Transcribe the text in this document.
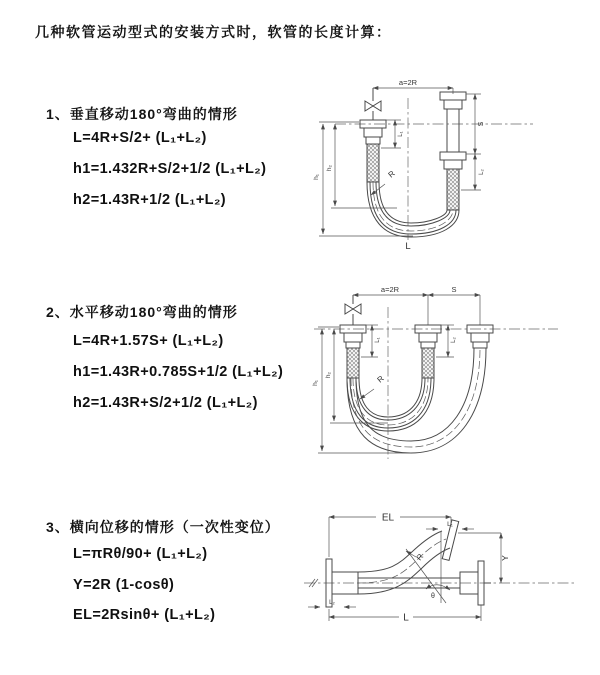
几种软管运动型式的安装方式时，软管的长度计算：
1、垂直移动180°弯曲的情形
L=4R+S/2+ (L₁+L₂)
h1=1.432R+S/2+1/2 (L₁+L₂)
h2=1.43R+1/2 (L₁+L₂)
2、水平移动180°弯曲的情形
L=4R+1.57S+ (L₁+L₂)
h1=1.43R+0.785S+1/2 (L₁+L₂)
h2=1.43R+S/2+1/2 (L₁+L₂)
3、横向位移的情形（一次性变位）
L=πRθ/90+ (L₁+L₂)
Y=2R (1-cosθ)
EL=2Rsinθ+ (L₁+L₂)
a=2R
h₁
h₂
S
L₂
L₁
R
L
a=2R	S
h₁
h₂
L₁	L₂
R
EL
L₁
Y
L
L₂
θ
R
